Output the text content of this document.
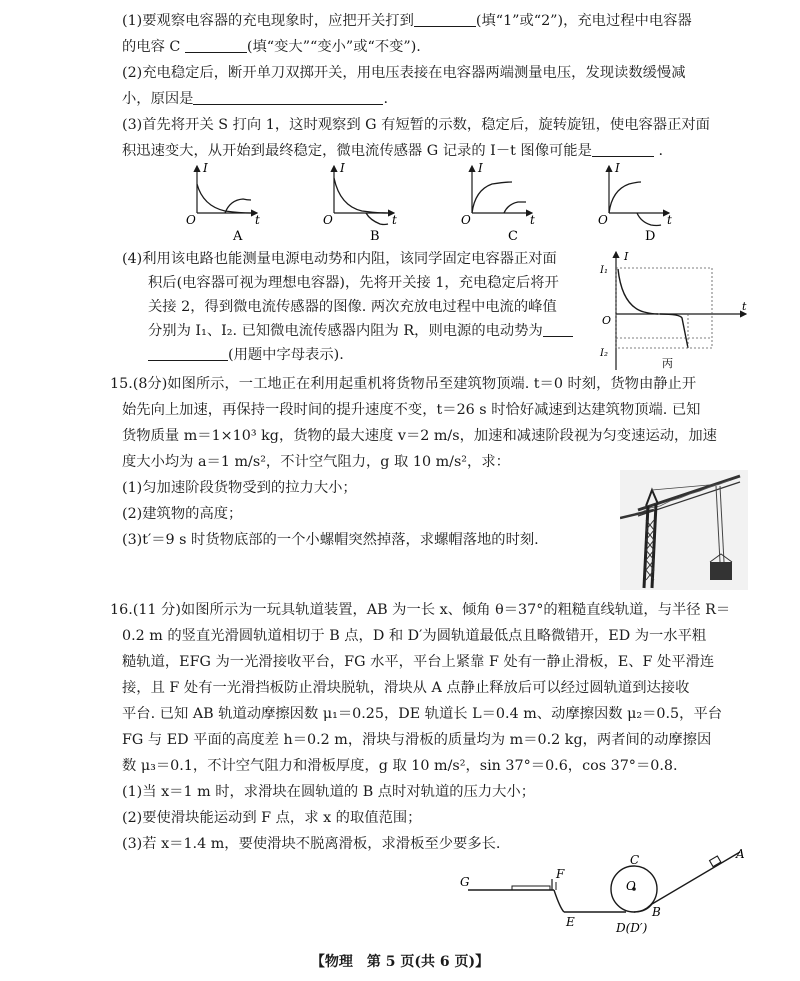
(1)要观察电容器的充电现象时，应把开关打到	(填“1”或“2”)，充电过程中电容器
的电容 C	(填“变大”“变小”或“不变”).
(2)充电稳定后，断开单刀双掷开关，用电压表接在电容器两端测量电压，发现读数缓慢减
小，原因是	.
(3)首先将开关 S 打向 1，这时观察到 G 有短暂的示数，稳定后，旋转旋钮，使电容器正对面
积迅速变大，从开始到最终稳定，微电流传感器 G 记录的 I－t 图像可能是	.
I
t
O
A
I
t
O
B
I
t
O
C
I
t
O
D
(4)利用该电路也能测量电源电动势和内阻，该同学固定电容器正对面
积后(电容器可视为理想电容器)，先将开关接 1，充电稳定后将开
关接 2，得到微电流传感器的图像. 两次充放电过程中电流的峰值
分别为 I₁、I₂. 已知微电流传感器内阻为 R，则电源的电动势为
(用题中字母表示).
I
t
O
I₁
I₂
丙
15.(8分)如图所示，一工地正在利用起重机将货物吊至建筑物顶端. t＝0 时刻，货物由静止开
始先向上加速，再保持一段时间的提升速度不变，t＝26 s 时恰好减速到达建筑物顶端. 已知
货物质量 m＝1×10³ kg，货物的最大速度 v＝2 m/s，加速和减速阶段视为匀变速运动，加速
度大小均为 a＝1 m/s²，不计空气阻力，g 取 10 m/s²，求：
(1)匀加速阶段货物受到的拉力大小；
(2)建筑物的高度；
(3)t′＝9 s 时货物底部的一个小螺帽突然掉落，求螺帽落地的时刻.
16.(11 分)如图所示为一玩具轨道装置，AB 为一长 x、倾角 θ＝37°的粗糙直线轨道，与半径 R＝
0.2 m 的竖直光滑圆轨道相切于 B 点，D 和 D′为圆轨道最低点且略微错开，ED 为一水平粗
糙轨道，EFG 为一光滑接收平台，FG 水平，平台上紧靠 F 处有一静止滑板，E、F 处平滑连
接，且 F 处有一光滑挡板防止滑块脱轨，滑块从 A 点静止释放后可以经过圆轨道到达接收
平台. 已知 AB 轨道动摩擦因数 μ₁＝0.25，DE 轨道长 L＝0.4 m、动摩擦因数 μ₂＝0.5，平台
FG 与 ED 平面的高度差 h＝0.2 m，滑块与滑板的质量均为 m＝0.2 kg，两者间的动摩擦因
数 μ₃＝0.1，不计空气阻力和滑板厚度，g 取 10 m/s²，sin 37°＝0.6，cos 37°＝0.8.
(1)当 x＝1 m 时，求滑块在圆轨道的 B 点时对轨道的压力大小；
(2)要使滑块能运动到 F 点，求 x 的取值范围；
(3)若 x＝1.4 m，要使滑块不脱离滑板，求滑板至少要多长.
G
F
E	D(D′)
B
C
O
A
【物理　第 5 页(共 6 页)】
